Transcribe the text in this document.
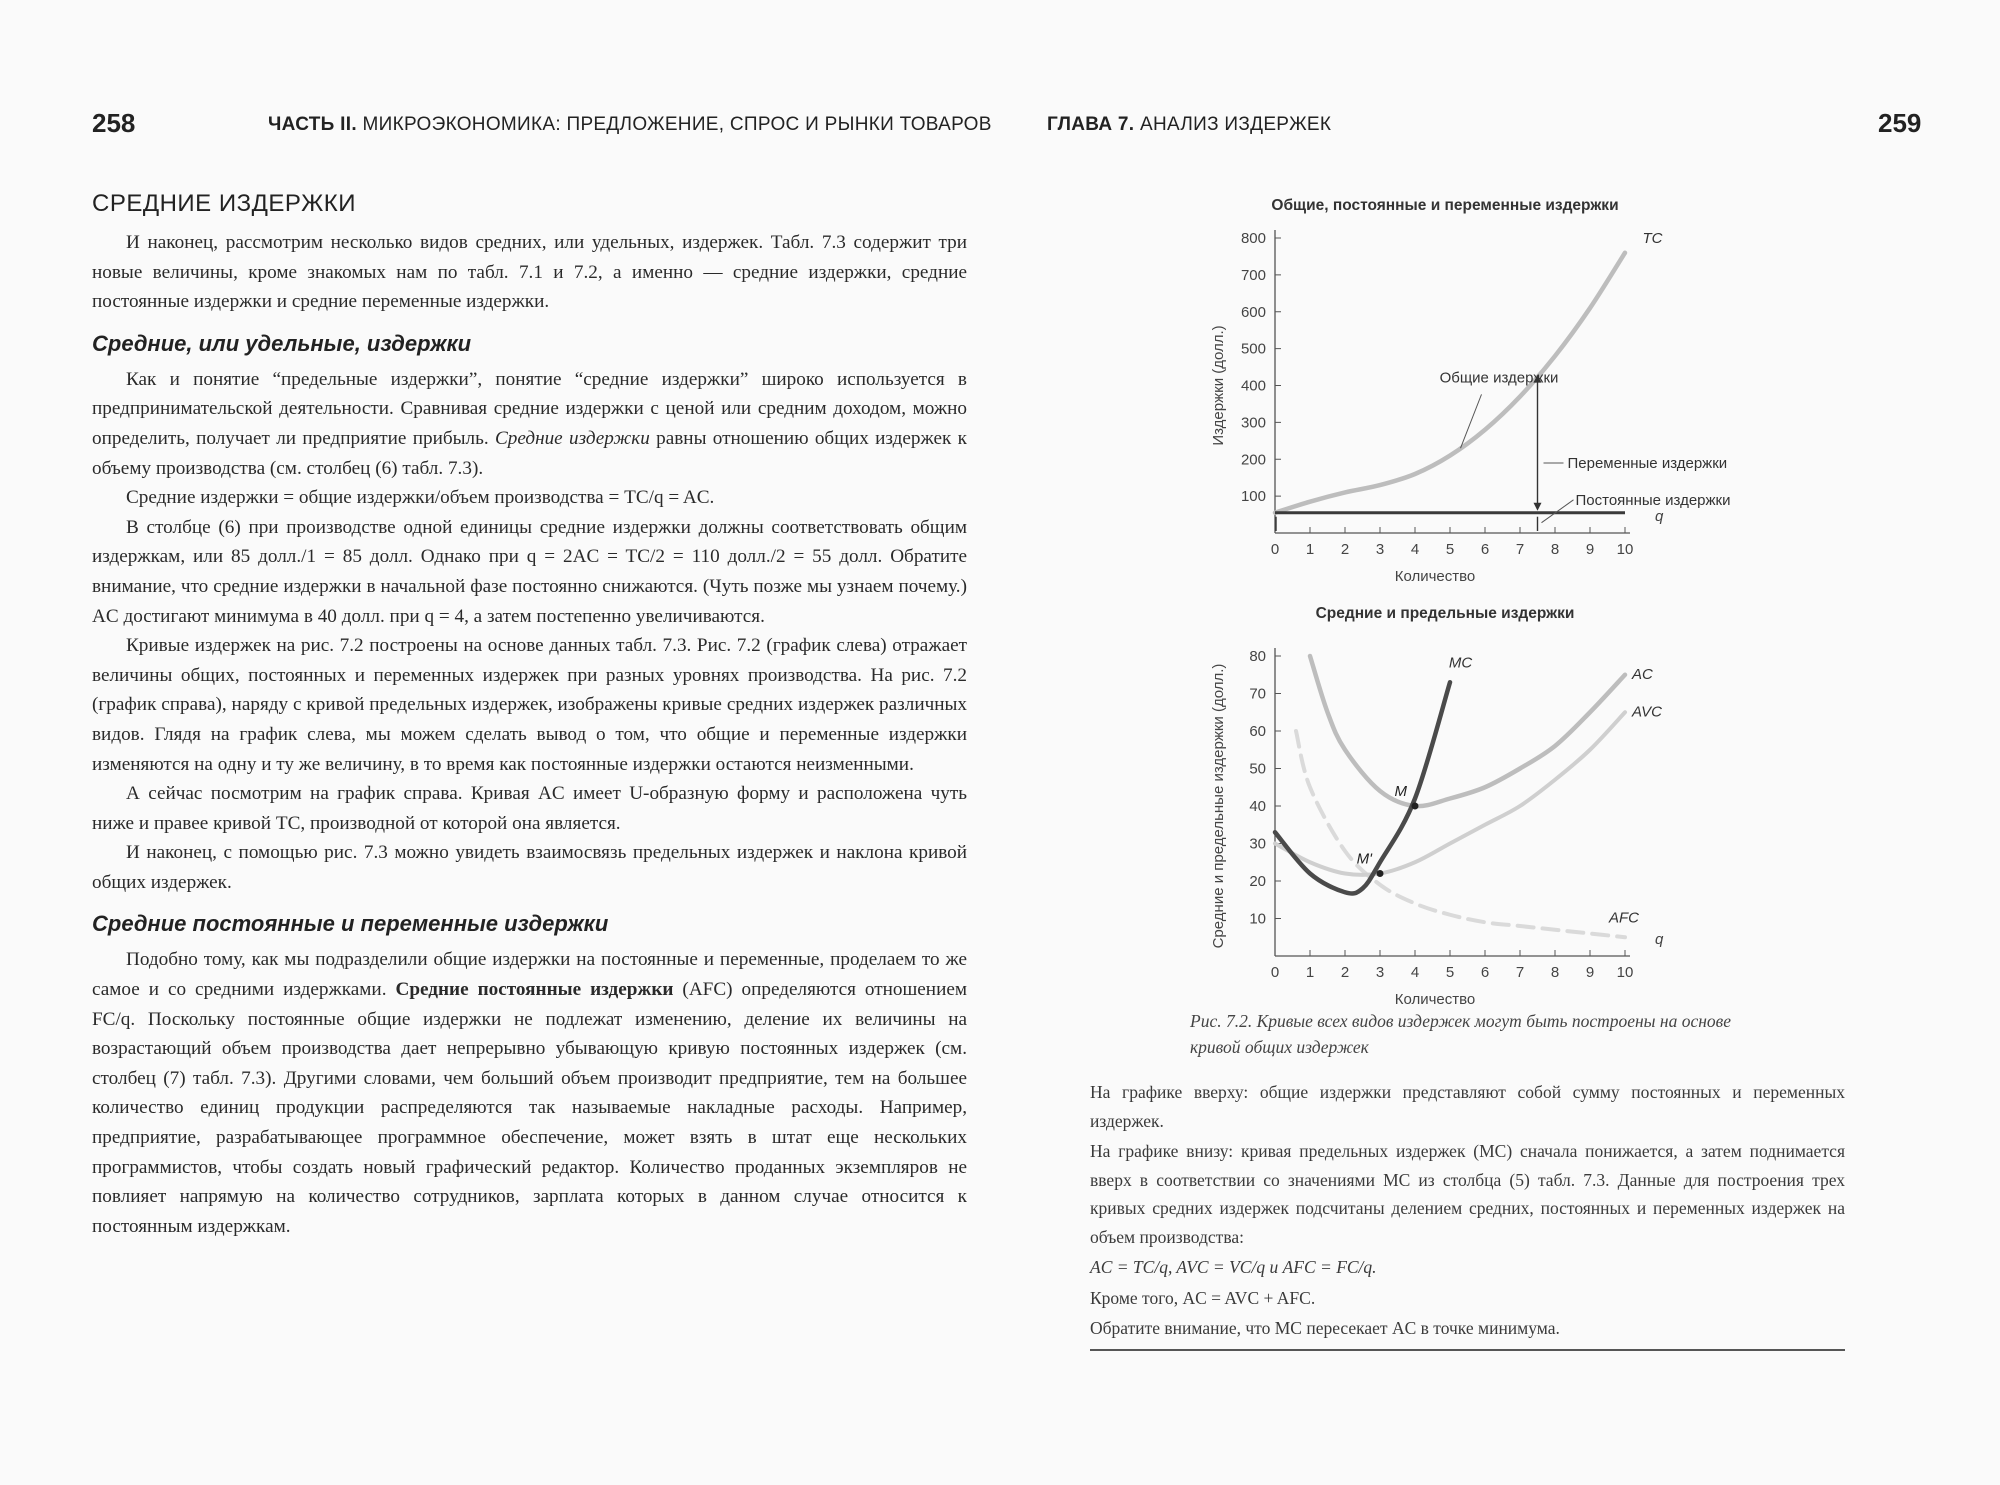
258	ЧАСТЬ II. МИКРОЭКОНОМИКА: ПРЕДЛОЖЕНИЕ, СПРОС И РЫНКИ ТОВАРОВ	ГЛАВА 7. АНАЛИЗ ИЗДЕРЖЕК	259
СРЕДНИЕ ИЗДЕРЖКИ

И наконец, рассмотрим несколько видов средних, или удельных, издержек. Табл. 7.3 содержит три новые величины, кроме знакомых нам по табл. 7.1 и 7.2, а именно — средние издержки, средние постоянные издержки и средние переменные издержки.

Средние, или удельные, издержки

Как и понятие “предельные издержки”, понятие “средние издержки” широко используется в предпринимательской деятельности. Сравнивая средние издержки с ценой или средним доходом, можно определить, получает ли предприятие прибыль. Средние издержки равны отношению общих издержек к объему производства (см. столбец (6) табл. 7.3).

Средние издержки = общие издержки/объем производства = TC/q = AC.

В столбце (6) при производстве одной единицы средние издержки должны соответствовать общим издержкам, или 85 долл./1 = 85 долл. Однако при q = 2AC = TC/2 = 110 долл./2 = 55 долл. Обратите внимание, что средние издержки в начальной фазе постоянно снижаются. (Чуть позже мы узнаем почему.) AC достигают минимума в 40 долл. при q = 4, а затем постепенно увеличиваются.

Кривые издержек на рис. 7.2 построены на основе данных табл. 7.3. Рис. 7.2 (график слева) отражает величины общих, постоянных и переменных издержек при разных уровнях производства. На рис. 7.2 (график справа), наряду с кривой предельных издержек, изображены кривые средних издержек различных видов. Глядя на график слева, мы можем сделать вывод о том, что общие и переменные издержки изменяются на одну и ту же величину, в то время как постоянные издержки остаются неизменными.

А сейчас посмотрим на график справа. Кривая AC имеет U-образную форму и расположена чуть ниже и правее кривой TC, производной от которой она является.

И наконец, с помощью рис. 7.3 можно увидеть взаимосвязь предельных издержек и наклона кривой общих издержек.

Средние постоянные и переменные издержки

Подобно тому, как мы подразделили общие издержки на постоянные и переменные, проделаем то же самое и со средними издержками. Средние постоянные издержки (AFC) определяются отношением FC/q. Поскольку постоянные общие издержки не подлежат изменению, деление их величины на возрастающий объем производства дает непрерывно убывающую кривую постоянных издержек (см. столбец (7) табл. 7.3). Другими словами, чем больший объем производит предприятие, тем на большее количество единиц продукции распределяются так называемые накладные расходы. Например, предприятие, разрабатывающее программное обеспечение, может взять в штат еще нескольких программистов, чтобы создать новый графический редактор. Количество проданных экземпляров не повлияет напрямую на количество сотрудников, зарплата которых в данном случае относится к постоянным издержкам.

Общие, постоянные и переменные издержки
0 1 2 3 4 5 6 7 8 9 10
100
200
300
400
500
600
700
800
q
Количество
Издержки (долл.)
TC
Общие издержки
Переменные издержки
Постоянные издержки
Средние и предельные издержки
0 1 2 3 4 5 6 7 8 9 10
10
20
30
40
50
60
70
80
q
Количество
Средние и предельные издержки (долл.)
MC
AC
AVC
AFC
M
M'
Рис. 7.2. Кривые всех видов издержек могут быть построены на основе кривой общих издержек

На графике вверху: общие издержки представляют собой сумму постоянных и переменных издержек.

На графике внизу: кривая предельных издержек (MC) сначала понижается, а затем поднимается вверх в соответствии со значениями MC из столбца (5) табл. 7.3. Данные для построения трех кривых средних издержек подсчитаны делением средних, постоянных и переменных издержек на объем производства:

AC = TC/q, AVC = VC/q и AFC = FC/q.

Кроме того, AC = AVC + AFC.

Обратите внимание, что MC пересекает AC в точке минимума.
